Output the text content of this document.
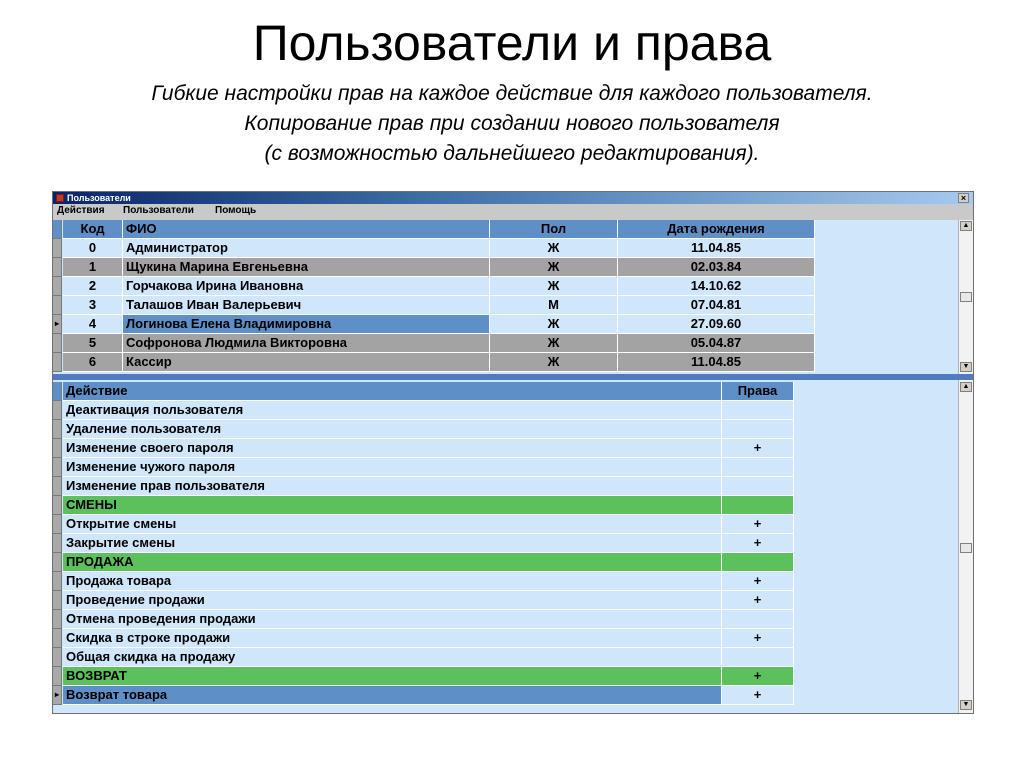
Пользователи и права
Гибкие настройки прав на каждое действие для каждого пользователя.
Копирование прав при создании нового пользователя
(с возможностью дальнейшего редактирования).
Пользователи	×
Действия Пользователи Помощь
Код	ФИО	Пол	Дата рождения
0	Администратор	Ж	11.04.85
1	Щукина Марина Евгеньевна	Ж	02.03.84
2	Горчакова Ирина Ивановна	Ж	14.10.62
3	Талашов Иван Валерьевич	М	07.04.81
▸	4	Логинова Елена Владимировна	Ж	27.09.60
5	Софронова Людмила Викторовна	Ж	05.04.87
6	Кассир	Ж	11.04.85
▲
▼
Действие	Права
Деактивация пользователя
Удаление пользователя
Изменение своего пароля	+
Изменение чужого пароля
Изменение прав пользователя
СМЕНЫ
Открытие смены	+
Закрытие смены	+
ПРОДАЖА
Продажа товара	+
Проведение продажи	+
Отмена проведения продажи
Скидка в строке продажи	+
Общая скидка на продажу
ВОЗВРАТ	+
▸ Возврат товара	+
▲
▼
